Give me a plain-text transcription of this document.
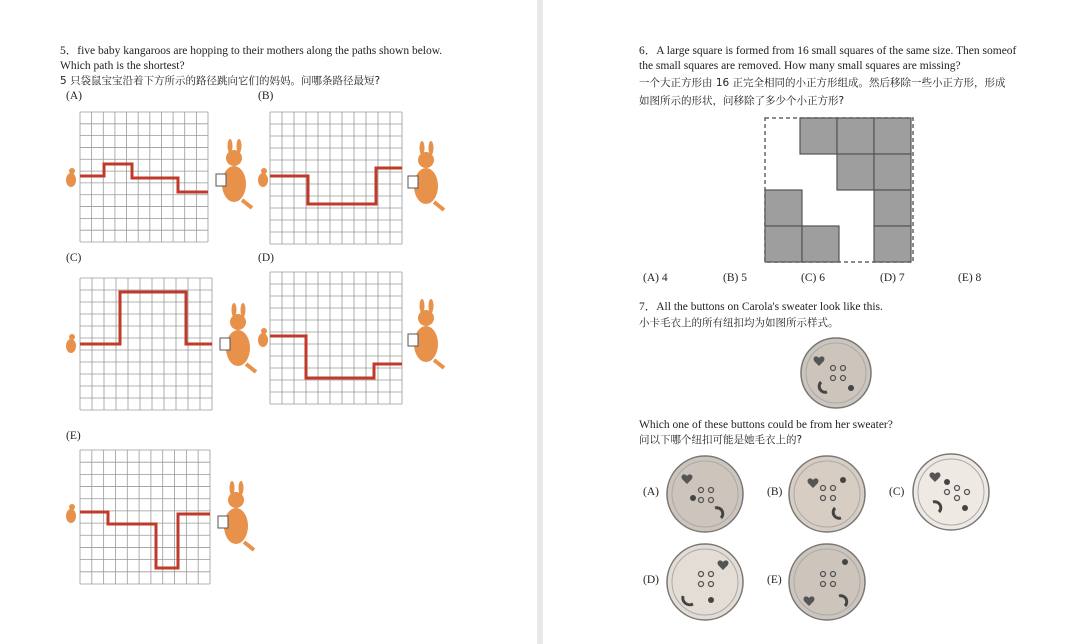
5．five baby kangaroos are hopping to their mothers along the paths shown below.
Which path is the shortest?
5 只袋鼠宝宝沿着下方所示的路径跳向它们的妈妈。问哪条路径最短?
(A)	(B)
(C)	(D)
(E)
6．A large square is formed from 16 small squares of the same size. Then someof
the small squares are removed. How many small squares are missing?
一个大正方形由 16 正完全相同的小正方形组成。然后移除一些小正方形，形成
如图所示的形状，问移除了多少个小正方形?
(A) 4	(B) 5	(C) 6	(D) 7	(E) 8
7．All the buttons on Carola's sweater look like this.
小卡毛衣上的所有纽扣均为如图所示样式。
Which one of these buttons could be from her sweater?
问以下哪个纽扣可能是她毛衣上的?
(A)	(B)	(C)
(D)	(E)
